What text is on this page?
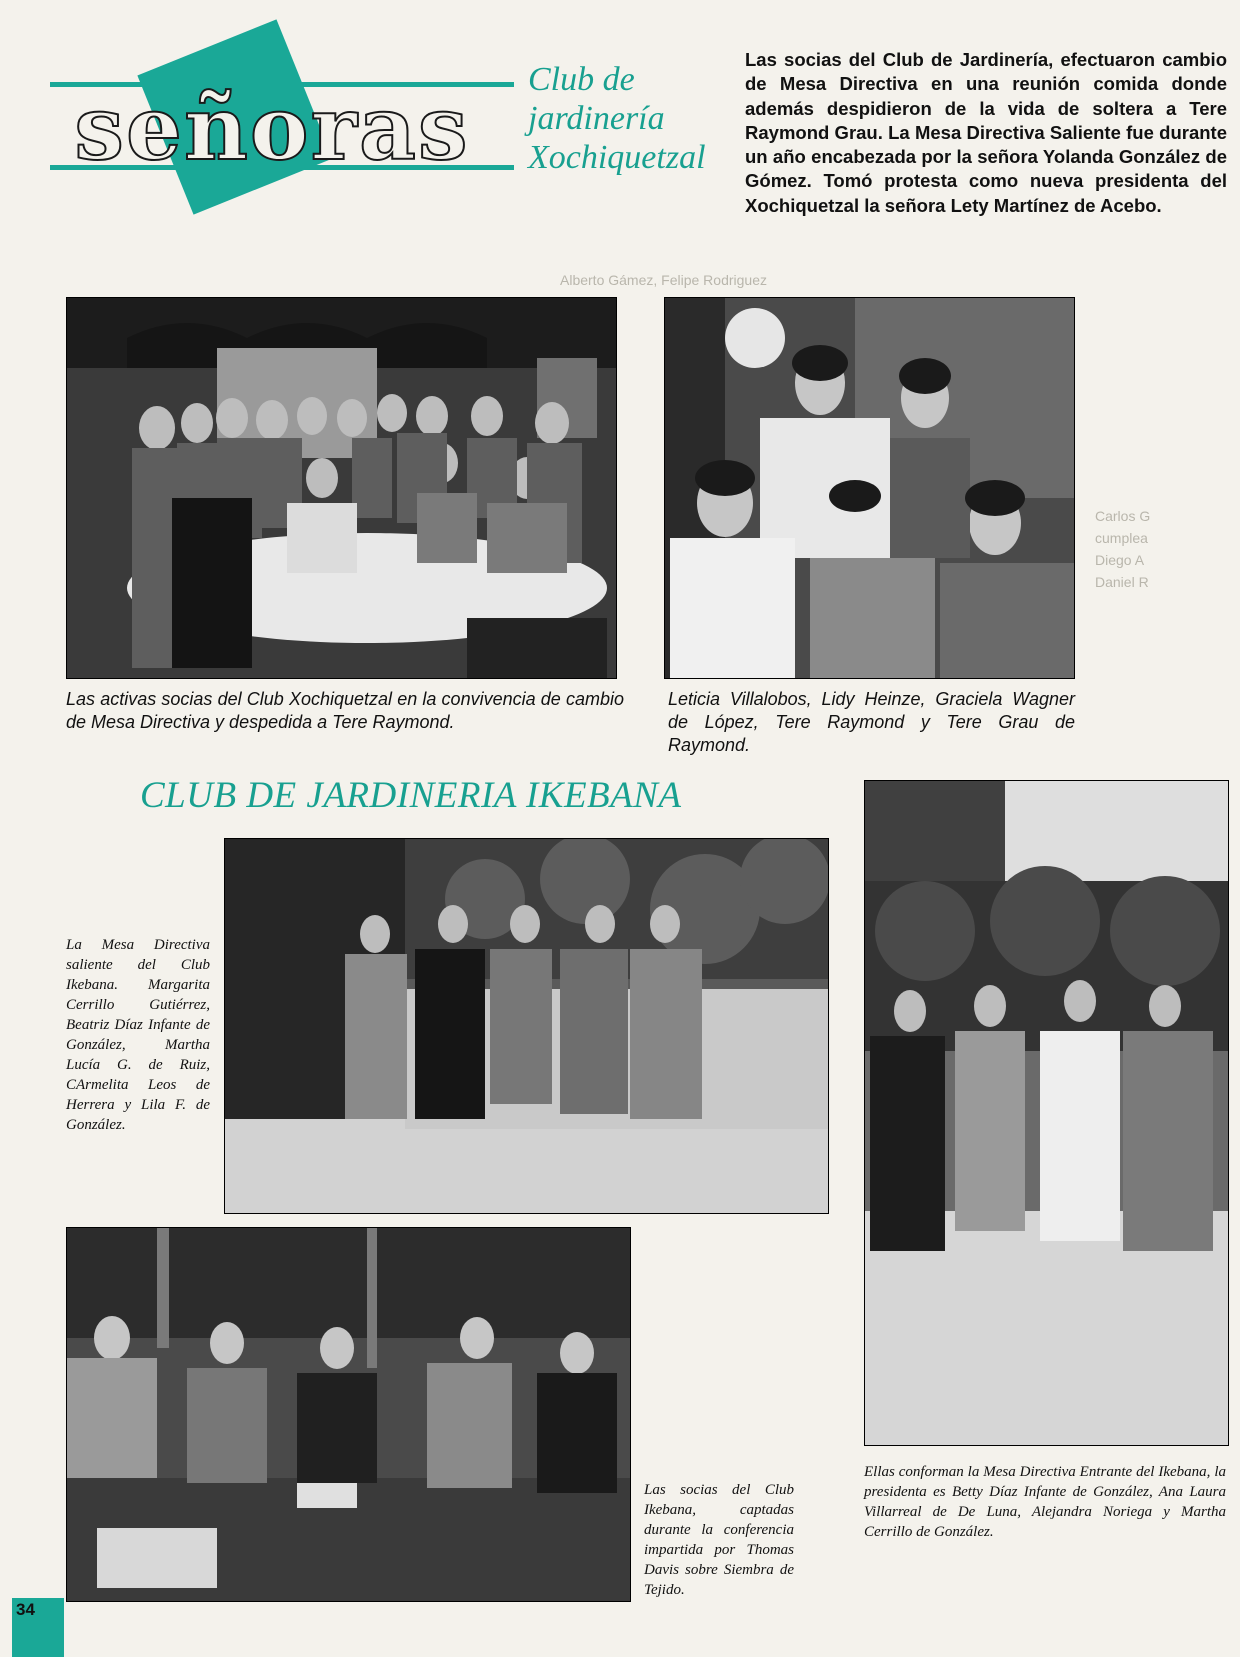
Alberto Gámez, Felipe Rodriguez
Carlos G
cumplea
Diego A
Daniel R
señoras	Club de
jardinería
Xochiquetzal
Las socias del Club de Jardinería, efectuaron cambio de Mesa Directiva en una reunión comida donde además despidieron de la vida de soltera a Tere Raymond Grau. La Mesa Directiva Saliente fue durante un año encabezada por la señora Yolanda González de Gómez. Tomó protesta como nueva presidenta del Xochiquetzal la señora Lety Martínez de Acebo.
Las activas socias del Club Xochiquetzal en la convivencia de cambio de Mesa Directiva y despedida a Tere Raymond.
Leticia Villalobos, Lidy Heinze, Graciela Wagner de López, Tere Raymond y Tere Grau de Raymond.
CLUB DE JARDINERIA IKEBANA
La Mesa Directiva saliente del Club Ikebana. Margarita Cerrillo Gutiérrez, Beatriz Díaz Infante de González, Martha Lucía G. de Ruiz, CArmelita Leos de Herrera y Lila F. de González.
Ellas conforman la Mesa Directiva Entrante del Ikebana, la presidenta es Betty Díaz Infante de González, Ana Laura Villarreal de De Luna, Alejandra Noriega y Martha Cerrillo de González.
Las socias del Club Ikebana, captadas durante la conferencia impartida por Thomas Davis sobre Siembra de Tejido.
34
